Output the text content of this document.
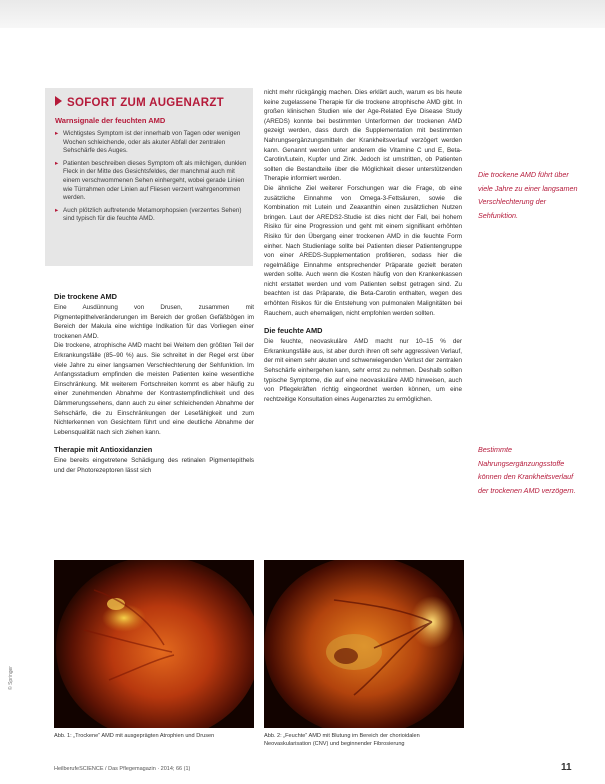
SOFORT ZUM AUGENARZT
Warnsignale der feuchten AMD
▸ Wichtigstes Symptom ist der innerhalb von Tagen oder wenigen Wochen schleichende, oder als akuter Abfall der zentralen Sehschärfe des Auges.
▸ Patienten beschreiben dieses Symptom oft als milchigen, dunklen Fleck in der Mitte des Gesichtsfeldes, der manchmal auch mit einem verschwommenen Sehen einhergeht, wobei gerade Linien wie Türrahmen oder Linien auf Fliesen verzerrt wahrgenommen werden.
▸ Auch plötzlich auftretende Metamorphopsien (verzerrtes Sehen) sind typisch für die feuchte AMD.
Die trockene AMD

Eine Ausdünnung von Drusen, zusammen mit Pigmentepithelveränderungen im Bereich der großen Gefäßbögen im Bereich der Makula eine wichtige Indikation für das Vorliegen einer trockenen AMD.

Die trockene, atrophische AMD macht bei Weitem den größten Teil der Erkrankungsfälle (85–90 %) aus. Sie schreitet in der Regel erst über viele Jahre zu einer langsamen Verschlechterung der Sehfunktion. Im Anfangsstadium empfinden die meisten Patienten keine wesentliche Einschränkung. Mit weiterem Fortschreiten kommt es aber häufig zu einer zunehmenden Abnahme der Kontrastempfindlichkeit und des Dämmerungssehens, dann auch zu einer schleichenden Abnahme der Sehschärfe, die zu Einschränkungen der Lesefähigkeit und zum Nichterkennen von Gesichtern führt und eine deutliche Abnahme der Lebensqualität nach sich ziehen kann.

Therapie mit Antioxidanzien

Eine bereits eingetretene Schädigung des retinalen Pigmentepithels und der Photorezeptoren lässt sich

nicht mehr rückgängig machen. Dies erklärt auch, warum es bis heute keine zugelassene Therapie für die trockene atrophische AMD gibt. In großen klinischen Studien wie der Age-Related Eye Disease Study (AREDS) konnte bei bestimmten Unterformen der trockenen AMD gezeigt werden, dass durch die Supplementation mit bestimmten Nahrungsergänzungsmitteln der Krankheitsverlauf verzögert werden kann. Genannt werden unter anderem die Vitamine C und E, Beta-Carotin/Lutein, Kupfer und Zink. Jedoch ist umstritten, ob Patienten sollten die Bestandteile über die Möglichkeit dieser unterstützenden Therapie informiert werden.

Die ähnliche Ziel weiterer Forschungen war die Frage, ob eine zusätzliche Einnahme von Omega-3-Fettsäuren, sowie die Kombination mit Lutein und Zeaxanthin einen zusätzlichen Nutzen bringen. Laut der AREDS2-Studie ist dies nicht der Fall, bei hohem Risiko für eine Progression und geht mit einem signifikant erhöhten Risiko für den Übergang einer trockenen AMD in die feuchte Form einher. Nach Studienlage sollte bei Patienten dieser Patientengruppe von einer AREDS-Supplementation profitieren, sodass hier die regelmäßige Einnahme entsprechender Präparate gezielt beraten werden sollte. Auch wenn die Kosten häufig von den Krankenkassen nicht erstattet werden und vom Patienten selbst getragen sind. Zu beachten ist das Präparate, die Beta-Carotin enthalten, wegen des erhöhten Risikos für die Entstehung von pulmonalen Malignitäten bei Rauchern, auch ehemaligen, nicht empfohlen werden sollten.

Die feuchte AMD

Die feuchte, neovaskuläre AMD macht nur 10–15 % der Erkrankungsfälle aus, ist aber durch ihren oft sehr aggressiven Verlauf, der mit einem sehr akuten und schwerwiegenden Verlust der zentralen Sehschärfe einhergehen kann, sehr ernst zu nehmen. Deshalb sollten typische Symptome, die auf eine neovaskuläre AMD hinweisen, auch von Pflegekräften richtig eingeordnet werden können, um eine rechtzeitige Konsultation eines Augenarztes zu ermöglichen.

Die trockene AMD führt über viele Jahre zu einer langsamen Verschlechterung der Sehfunktion.
Bestimmte Nahrungsergänzungsstoffe können den Krankheitsverlauf der trockenen AMD verzögern.
Abb. 1: „Trockene“ AMD mit ausgeprägten Atrophien und Drusen	Abb. 2: „Feuchte“ AMD mit Blutung im Bereich der chorioidalen Neovaskularisation (CNV) und beginnender Fibrosierung
HeilberufeSCIENCE / Das Pflegemagazin · 2014; 66 (1)	11
© Springer
